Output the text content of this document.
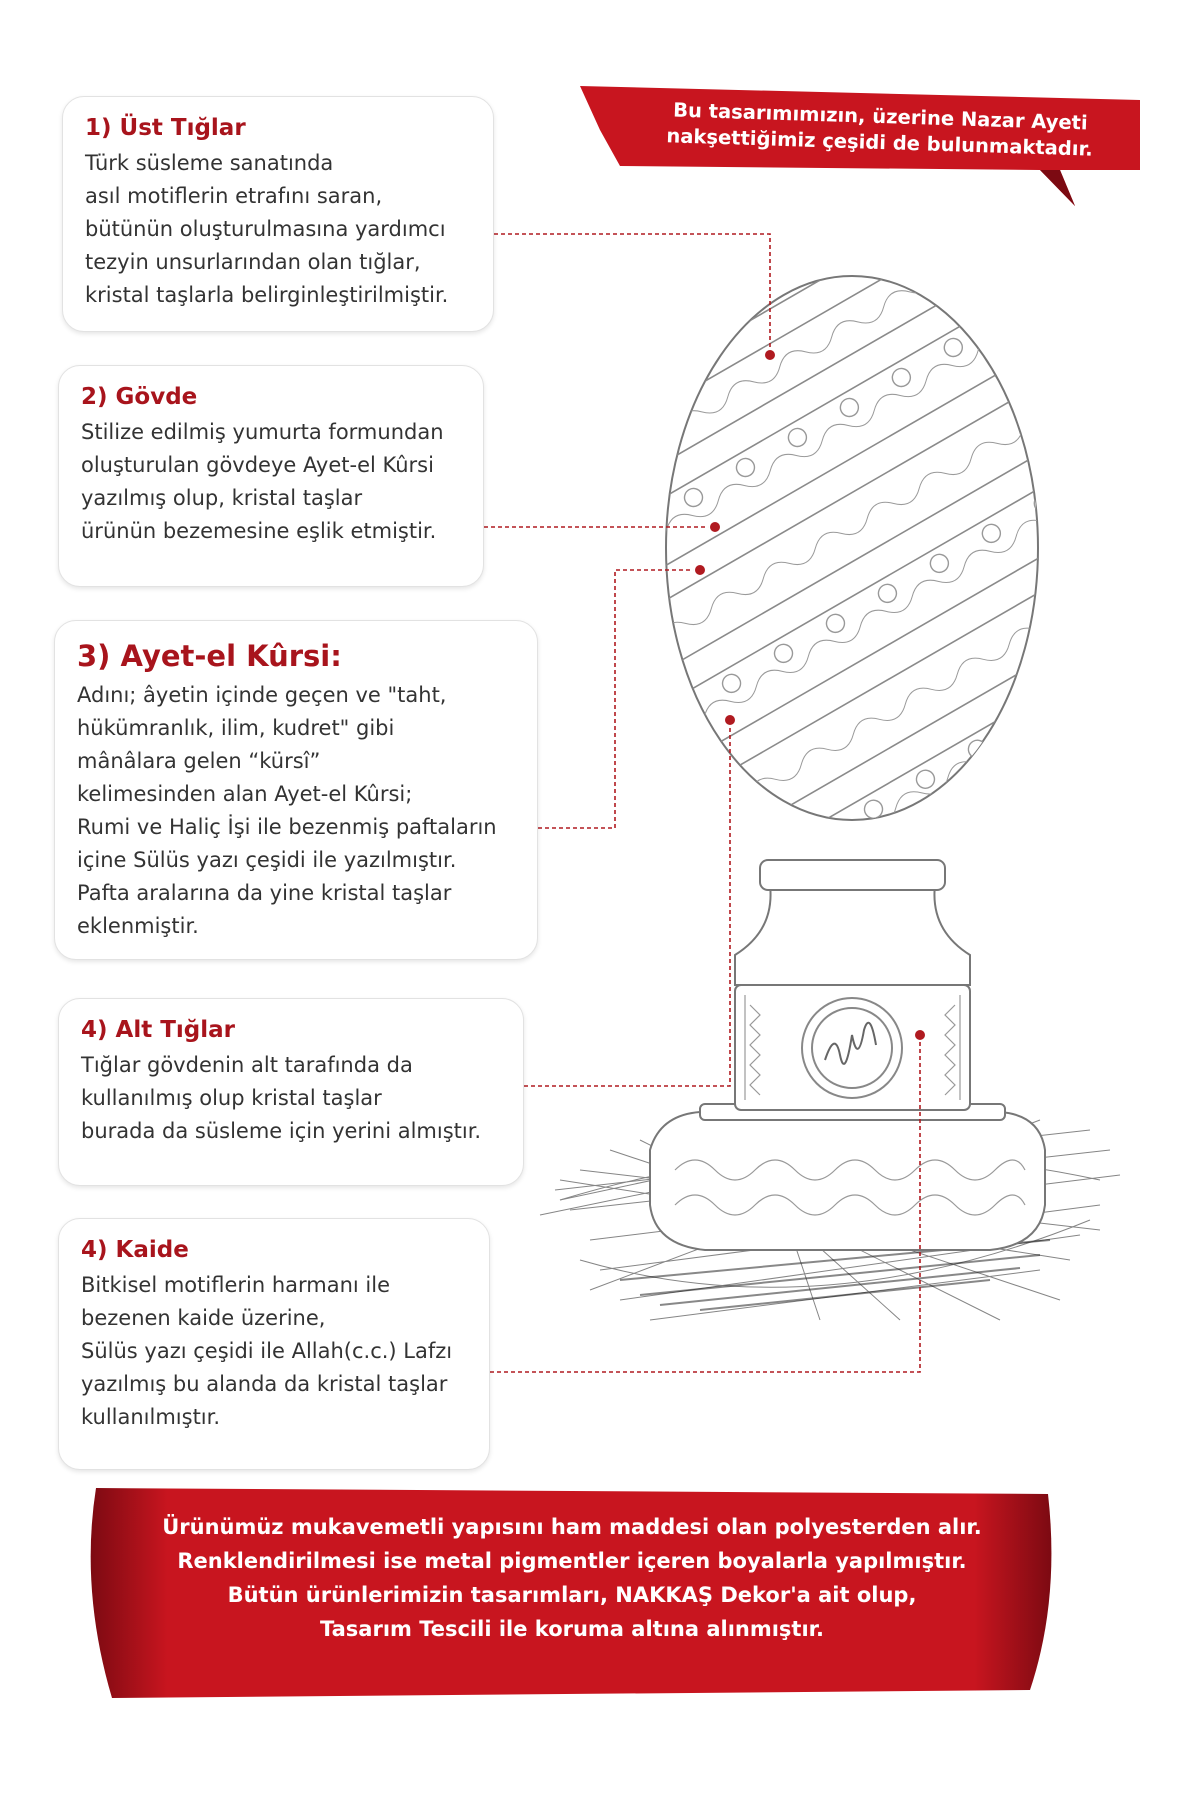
Bu tasarımımızın, üzerine Nazar Ayeti
nakşettiğimiz çeşidi de bulunmaktadır.
1) Üst Tığlar

Türk süsleme sanatında
asıl motiflerin etrafını saran,
bütünün oluşturulmasına yardımcı
tezyin unsurlarından olan tığlar,
kristal taşlarla belirginleştirilmiştir.

2) Gövde

Stilize edilmiş yumurta formundan
oluşturulan gövdeye Ayet-el Kûrsi
yazılmış olup, kristal taşlar
ürünün bezemesine eşlik etmiştir.

3) Ayet-el Kûrsi:

Adını; âyetin içinde geçen ve "taht,
hükümranlık, ilim, kudret" gibi
mânâlara gelen “kürsî”
kelimesinden alan Ayet-el Kûrsi;
Rumi ve Haliç İşi ile bezenmiş paftaların
içine Sülüs yazı çeşidi ile yazılmıştır.
Pafta aralarına da yine kristal taşlar
eklenmiştir.

4) Alt Tığlar

Tığlar gövdenin alt tarafında da
kullanılmış olup kristal taşlar
burada da süsleme için yerini almıştır.

4) Kaide

Bitkisel motiflerin harmanı ile
bezenen kaide üzerine,
Sülüs yazı çeşidi ile Allah(c.c.) Lafzı
yazılmış bu alanda da kristal taşlar
kullanılmıştır.

Ürünümüz mukavemetli yapısını ham maddesi olan polyesterden alır.
Renklendirilmesi ise metal pigmentler içeren boyalarla yapılmıştır.
Bütün ürünlerimizin tasarımları, NAKKAŞ Dekor'a ait olup,
Tasarım Tescili ile koruma altına alınmıştır.
